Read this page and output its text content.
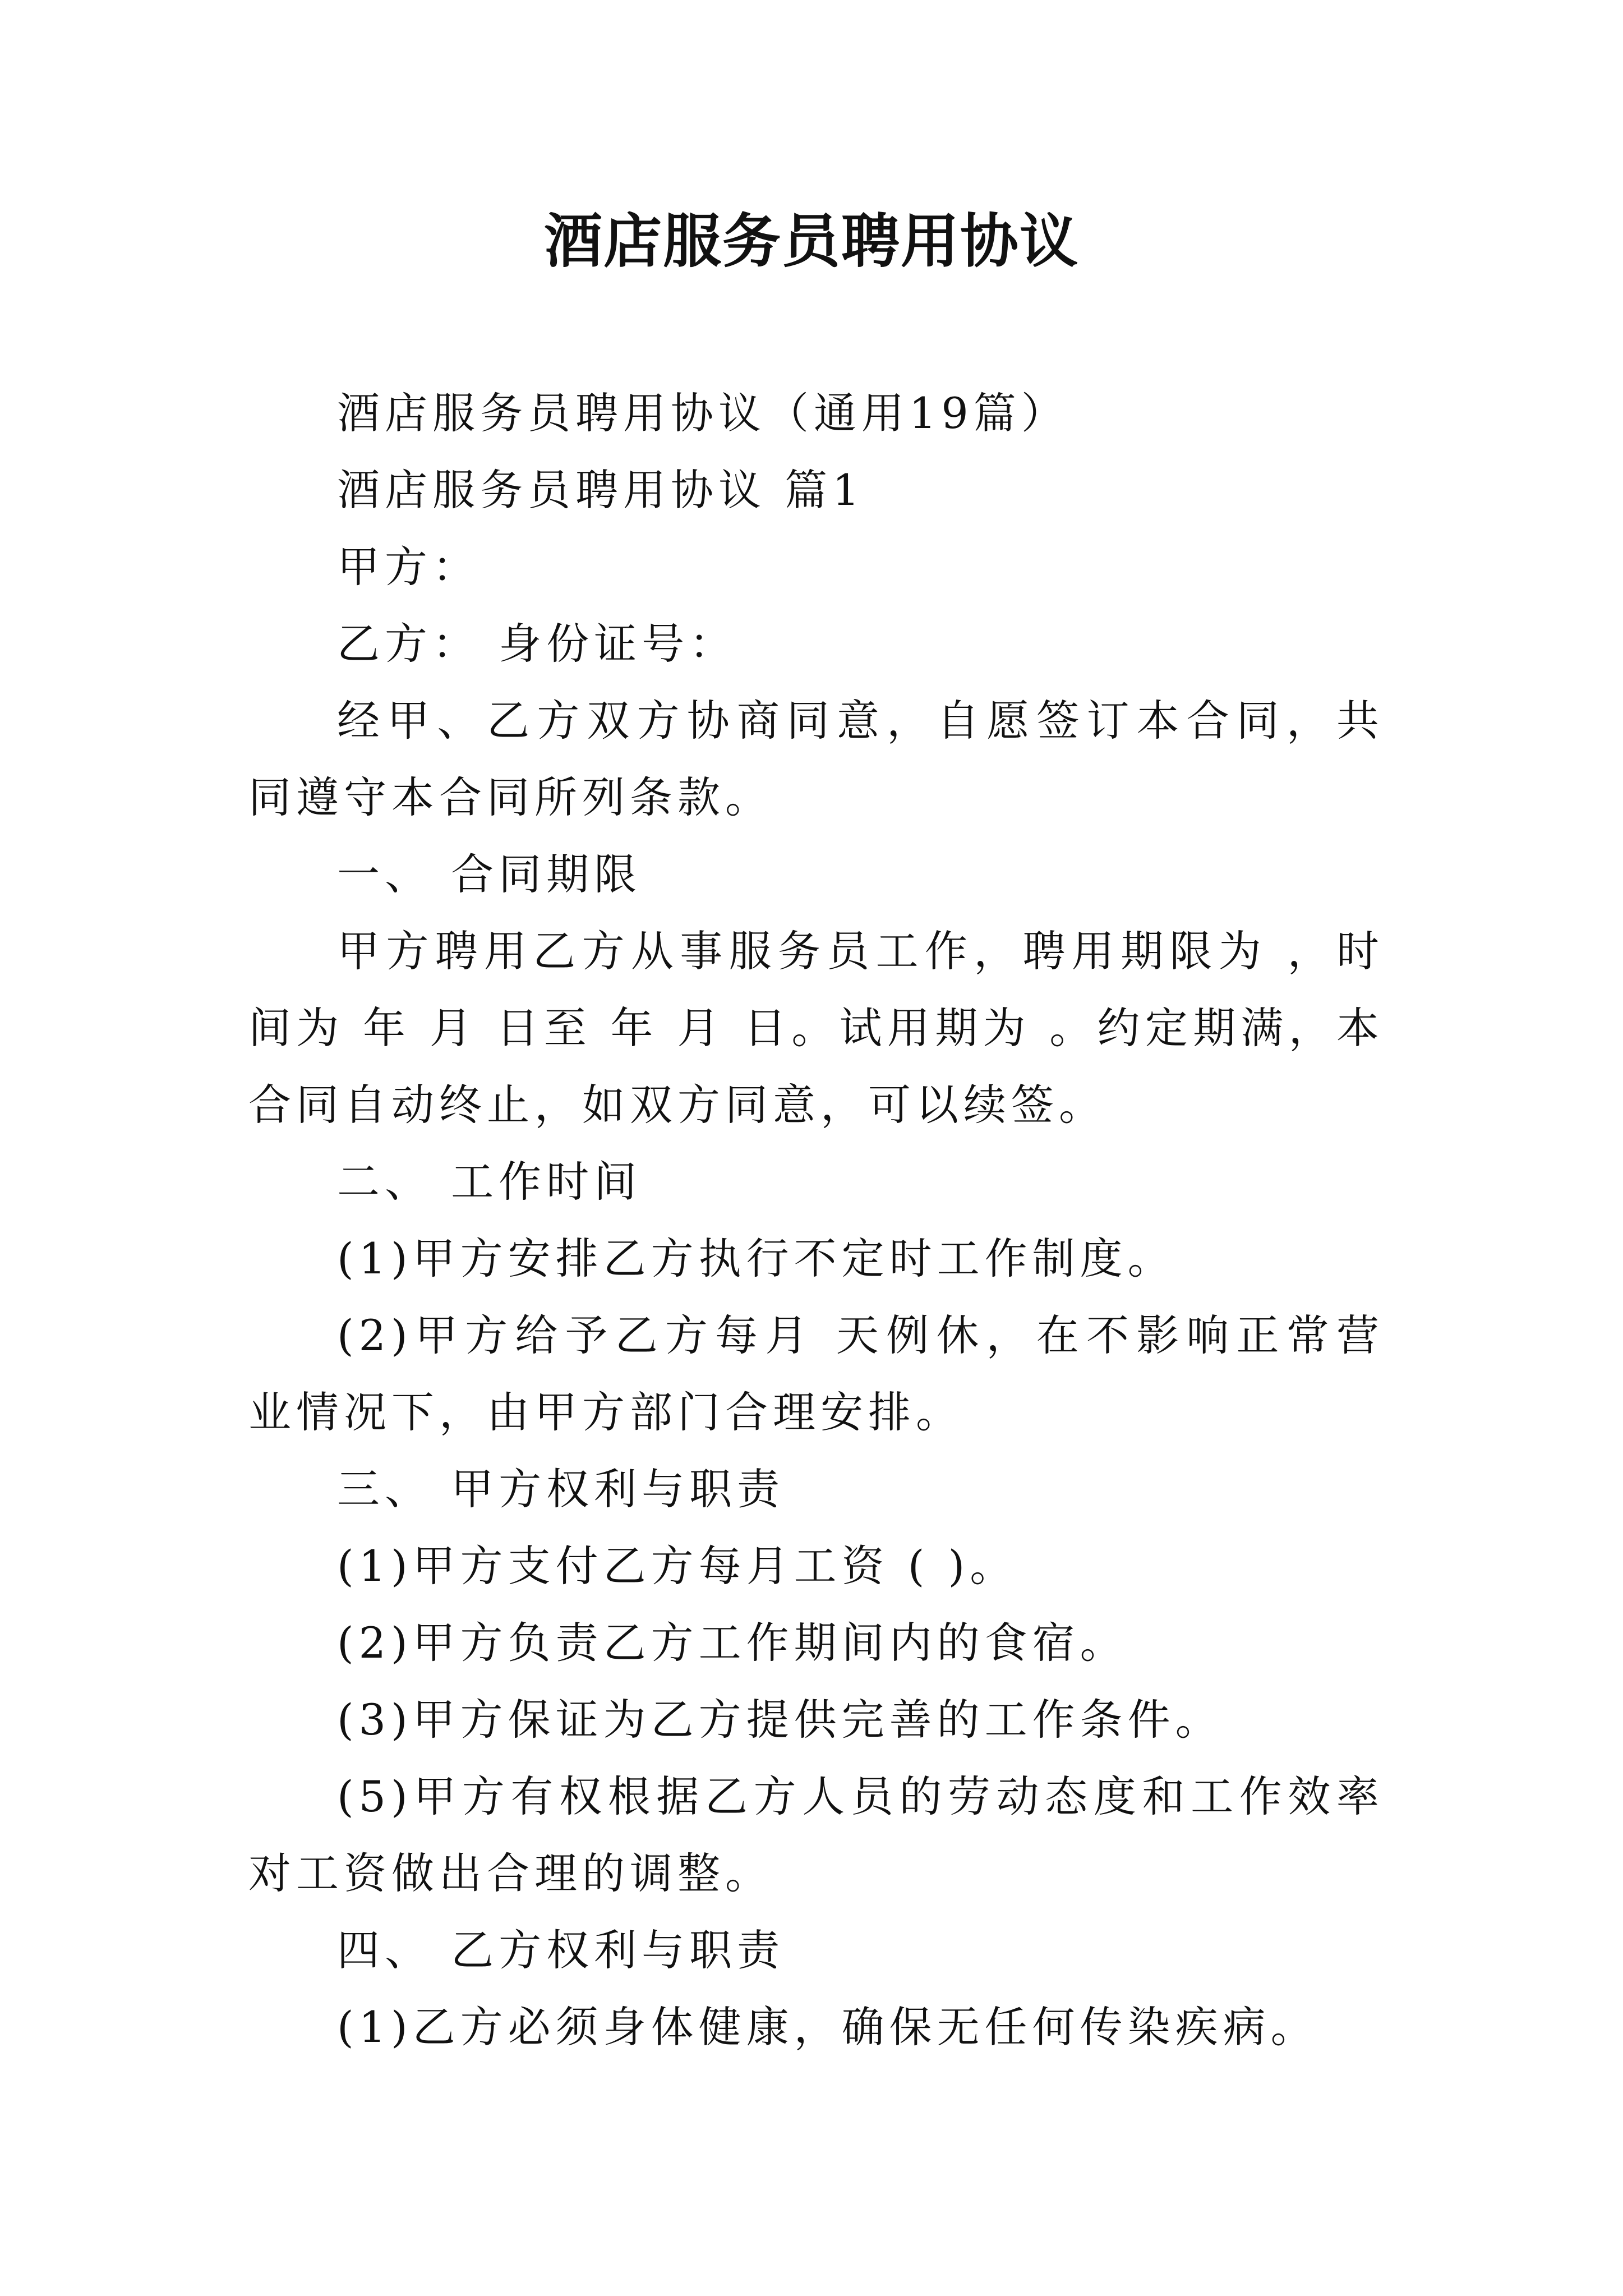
酒店服务员聘用协议

酒店服务员聘用协议（通用19篇）

酒店服务员聘用协议 篇1

甲方：

乙方： 身份证号：

经甲、乙方双方协商同意，自愿签订本合同，共同遵守本合同所列条款。

一、 合同期限

甲方聘用乙方从事服务员工作，聘用期限为 ，时间为 年 月 日至 年 月 日。试用期为 。约定期满，本合同自动终止，如双方同意，可以续签。

二、 工作时间

(1)甲方安排乙方执行不定时工作制度。

(2)甲方给予乙方每月 天例休，在不影响正常营业情况下，由甲方部门合理安排。

三、 甲方权利与职责

(1)甲方支付乙方每月工资 ( )。

(2)甲方负责乙方工作期间内的食宿。

(3)甲方保证为乙方提供完善的工作条件。

(5)甲方有权根据乙方人员的劳动态度和工作效率对工资做出合理的调整。

四、 乙方权利与职责

(1)乙方必须身体健康，确保无任何传染疾病。
